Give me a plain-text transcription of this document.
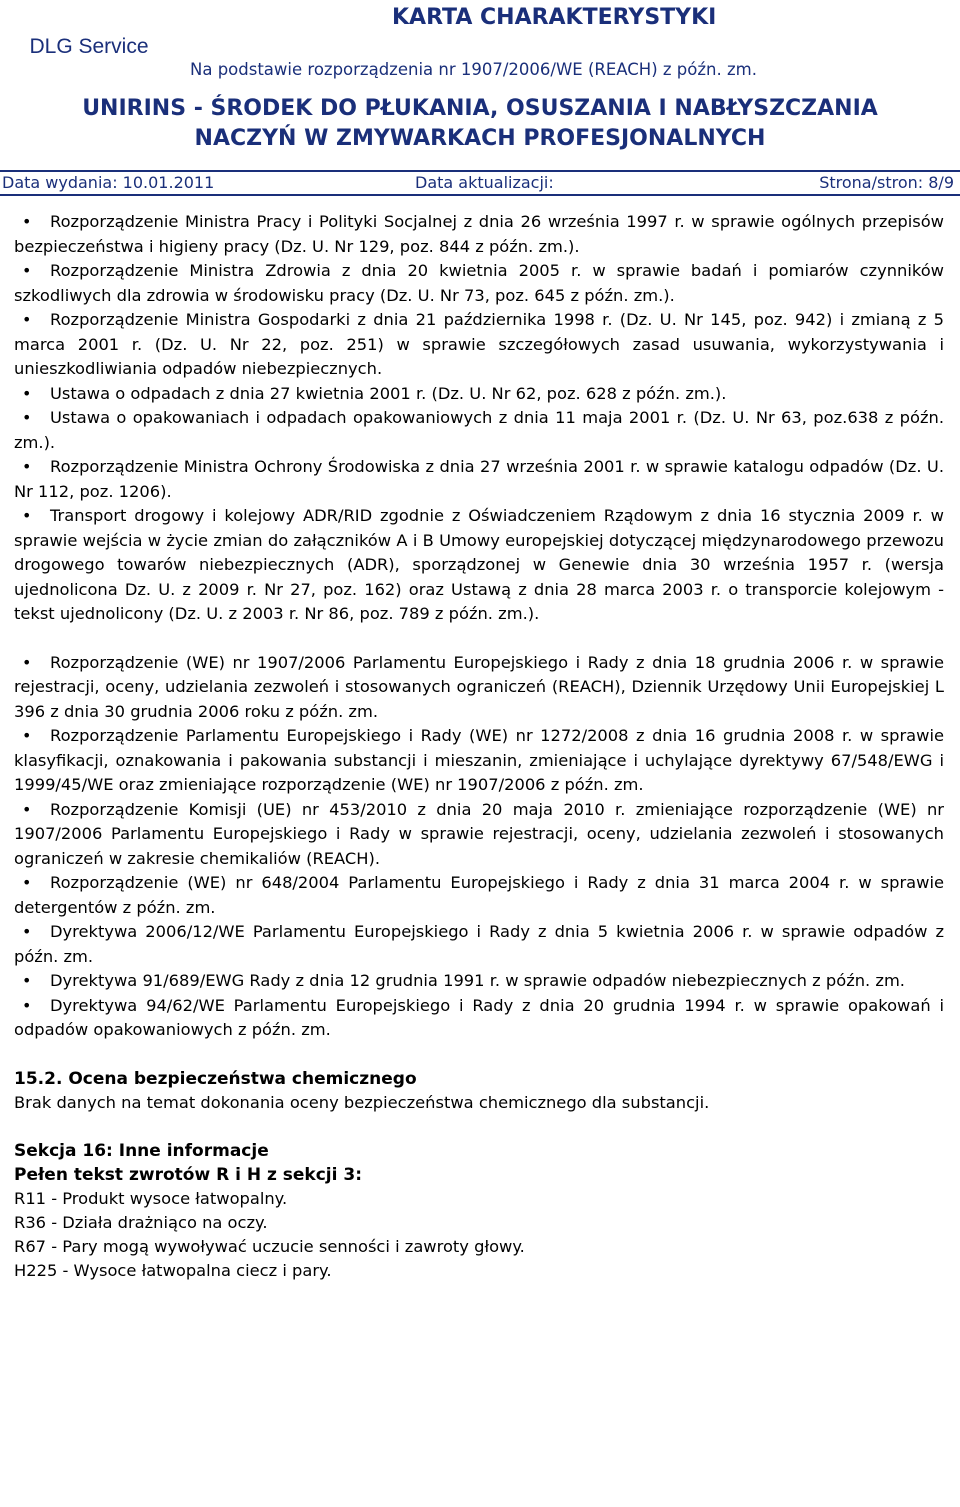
DLG Service
KARTA CHARAKTERYSTYKI
Na podstawie rozporządzenia nr 1907/2006/WE (REACH) z późn. zm.
UNIRINS - ŚRODEK DO PŁUKANIA, OSUSZANIA I NABŁYSZCZANIA
NACZYŃ W ZMYWARKACH PROFESJONALNYCH
Data wydania: 10.01.2011	Data aktualizacji:	Strona/stron: 8/9
• Rozporządzenie Ministra Pracy i Polityki Socjalnej z dnia 26 września 1997 r. w sprawie ogólnych przepisów bezpieczeństwa i higieny pracy (Dz. U. Nr 129, poz. 844 z późn. zm.).
• Rozporządzenie Ministra Zdrowia z dnia 20 kwietnia 2005 r. w sprawie badań i pomiarów czynników szkodliwych dla zdrowia w środowisku pracy (Dz. U. Nr 73, poz. 645 z późn. zm.).
• Rozporządzenie Ministra Gospodarki z dnia 21 października 1998 r. (Dz. U. Nr 145, poz. 942) i zmianą z 5 marca 2001 r. (Dz. U. Nr 22, poz. 251) w sprawie szczegółowych zasad usuwania, wykorzystywania i unieszkodliwiania odpadów niebezpiecznych.
• Ustawa o odpadach z dnia 27 kwietnia 2001 r. (Dz. U. Nr 62, poz. 628 z późn. zm.).
• Ustawa o opakowaniach i odpadach opakowaniowych z dnia 11 maja 2001 r. (Dz. U. Nr 63, poz.638 z późn. zm.).
• Rozporządzenie Ministra Ochrony Środowiska z dnia 27 września 2001 r. w sprawie katalogu odpadów (Dz. U. Nr 112, poz. 1206).
• Transport drogowy i kolejowy ADR/RID zgodnie z Oświadczeniem Rządowym z dnia 16 stycznia 2009 r. w sprawie wejścia w życie zmian do załączników A i B Umowy europejskiej dotyczącej międzynarodowego przewozu drogowego towarów niebezpiecznych (ADR), sporządzonej w Genewie dnia 30 września 1957 r. (wersja ujednolicona Dz. U. z 2009 r. Nr 27, poz. 162) oraz Ustawą z dnia 28 marca 2003 r. o transporcie kolejowym - tekst ujednolicony (Dz. U. z 2003 r. Nr 86, poz. 789 z późn. zm.).
• Rozporządzenie (WE) nr 1907/2006 Parlamentu Europejskiego i Rady z dnia 18 grudnia 2006 r. w sprawie rejestracji, oceny, udzielania zezwoleń i stosowanych ograniczeń (REACH), Dziennik Urzędowy Unii Europejskiej L 396 z dnia 30 grudnia 2006 roku z późn. zm.
• Rozporządzenie Parlamentu Europejskiego i Rady (WE) nr 1272/2008 z dnia 16 grudnia 2008 r. w sprawie klasyfikacji, oznakowania i pakowania substancji i mieszanin, zmieniające i uchylające dyrektywy 67/548/EWG i 1999/45/WE oraz zmieniające rozporządzenie (WE) nr 1907/2006 z późn. zm.
• Rozporządzenie Komisji (UE) nr 453/2010 z dnia 20 maja 2010 r. zmieniające rozporządzenie (WE) nr 1907/2006 Parlamentu Europejskiego i Rady w sprawie rejestracji, oceny, udzielania zezwoleń i stosowanych ograniczeń w zakresie chemikaliów (REACH).
• Rozporządzenie (WE) nr 648/2004 Parlamentu Europejskiego i Rady z dnia 31 marca 2004 r. w sprawie detergentów z późn. zm.
• Dyrektywa 2006/12/WE Parlamentu Europejskiego i Rady z dnia 5 kwietnia 2006 r. w sprawie odpadów z późn. zm.
• Dyrektywa 91/689/EWG Rady z dnia 12 grudnia 1991 r. w sprawie odpadów niebezpiecznych z późn. zm.
• Dyrektywa 94/62/WE Parlamentu Europejskiego i Rady z dnia 20 grudnia 1994 r. w sprawie opakowań i odpadów opakowaniowych z późn. zm.

15.2. Ocena bezpieczeństwa chemicznego

Brak danych na temat dokonania oceny bezpieczeństwa chemicznego dla substancji.

Sekcja 16: Inne informacje

Pełen tekst zwrotów R i H z sekcji 3:

R11 - Produkt wysoce łatwopalny.

R36 - Działa drażniąco na oczy.

R67 - Pary mogą wywoływać uczucie senności i zawroty głowy.

H225 - Wysoce łatwopalna ciecz i pary.
